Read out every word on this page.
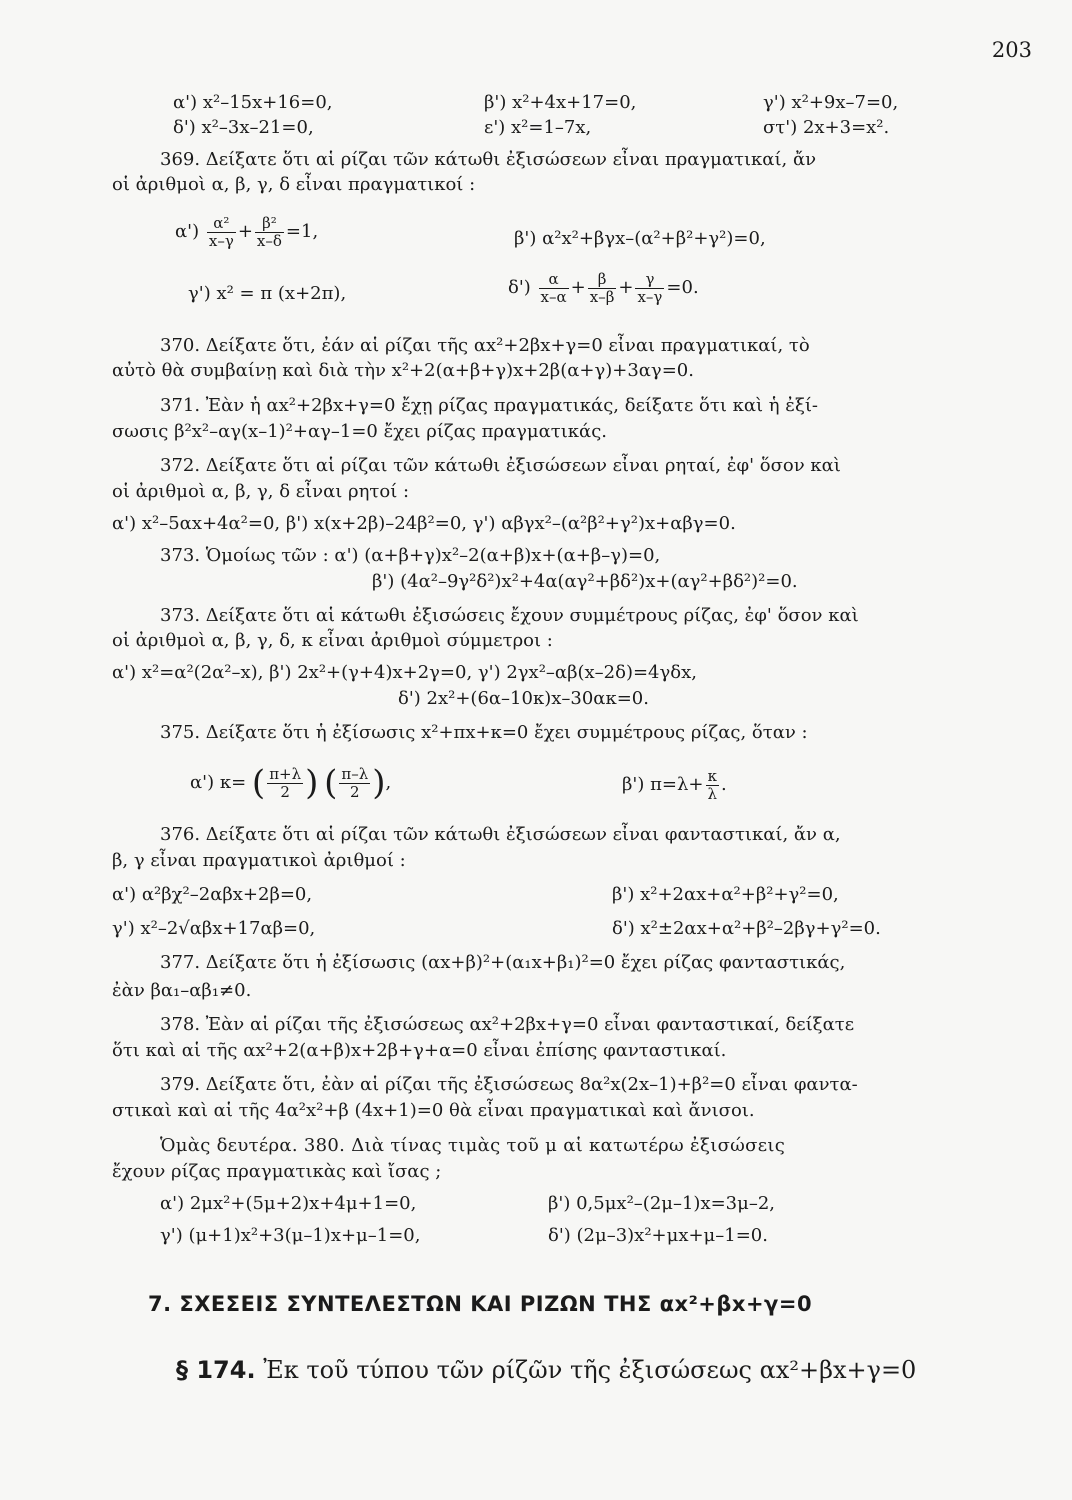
203
α') x²–15x+16=0,	β') x²+4x+17=0,	γ') x²+9x–7=0,
δ') x²–3x–21=0,	ε') x²=1–7x,	στ') 2x+3=x².
369. Δείξατε ὅτι αἱ ρίζαι τῶν κάτωθι ἐξισώσεων εἶναι πραγματικαί, ἄν
οἱ ἀριθμοὶ α, β, γ, δ εἶναι πραγματικοί :
$\alpha') \frac{\text{α²}}{x-\gamma} + \frac{\text{β²}}{x-\delta} =1$,	β') α²x²+βγx–(α²+β²+γ²)=0,
γ') x² = π (x+2π),	$\delta') \frac{\alpha}{x-\alpha} + \frac{\beta}{x-\beta} + \frac{\gamma}{x-\gamma} =0$.
370. Δείξατε ὅτι, ἐάν αἱ ρίζαι τῆς αx²+2βx+γ=0 εἶναι πραγματικαί, τὸ
αὐτὸ θὰ συμβαίνῃ καὶ διὰ τὴν x²+2(α+β+γ)x+2β(α+γ)+3αγ=0.
371. Ἐὰν ἡ αx²+2βx+γ=0 ἔχῃ ρίζας πραγματικάς, δείξατε ὅτι καὶ ἡ ἐξί-
σωσις β²x²–αγ(x–1)²+αγ–1=0 ἔχει ρίζας πραγματικάς.
372. Δείξατε ὅτι αἱ ρίζαι τῶν κάτωθι ἐξισώσεων εἶναι ρηταί, ἐφ' ὅσον καὶ
οἱ ἀριθμοὶ α, β, γ, δ εἶναι ρητοί :
α') x²–5αx+4α²=0, β') x(x+2β)–24β²=0, γ') αβγx²–(α²β²+γ²)x+αβγ=0.
373. Ὁμοίως τῶν : α') (α+β+γ)x²–2(α+β)x+(α+β–γ)=0,
β') (4α²–9γ²δ²)x²+4α(αγ²+βδ²)x+(αγ²+βδ²)²=0.
373. Δείξατε ὅτι αἱ κάτωθι ἐξισώσεις ἔχουν συμμέτρους ρίζας, ἐφ' ὅσον καὶ
οἱ ἀριθμοὶ α, β, γ, δ, κ εἶναι ἀριθμοὶ σύμμετροι :
α') x²=α²(2α²–x), β') 2x²+(γ+4)x+2γ=0, γ') 2γx²–αβ(x–2δ)=4γδx,
δ') 2x²+(6α–10κ)x–30ακ=0.
375. Δείξατε ὅτι ἡ ἐξίσωσις x²+πx+κ=0 ἔχει συμμέτρους ρίζας, ὅταν :
α') κ= ( $\frac{\pi+\lambda}{2}$ ) ( $\frac{\pi-\lambda}{2}$ ),	β') $\pi=\lambda+ \frac{\kappa}{\lambda}$ .
376. Δείξατε ὅτι αἱ ρίζαι τῶν κάτωθι ἐξισώσεων εἶναι φανταστικαί, ἄν α,
β, γ εἶναι πραγματικοὶ ἀριθμοί :
α') α²βχ²–2αβx+2β=0,	β') x²+2αx+α²+β²+γ²=0,
γ') x²–2√αβx+17αβ=0,	δ') x²±2αx+α²+β²–2βγ+γ²=0.
377. Δείξατε ὅτι ἡ ἐξίσωσις (αx+β)²+(α₁x+β₁)²=0 ἔχει ρίζας φανταστικάς,
ἐὰν βα₁–αβ₁≠0.
378. Ἐὰν αἱ ρίζαι τῆς ἐξισώσεως αx²+2βx+γ=0 εἶναι φανταστικαί, δείξατε
ὅτι καὶ αἱ τῆς αx²+2(α+β)x+2β+γ+α=0 εἶναι ἐπίσης φανταστικαί.
379. Δείξατε ὅτι, ἐὰν αἱ ρίζαι τῆς ἐξισώσεως 8α²x(2x–1)+β²=0 εἶναι φαντα-
στικαὶ καὶ αἱ τῆς 4α²x²+β (4x+1)=0 θὰ εἶναι πραγματικαὶ καὶ ἄνισοι.
Ὁμὰς δευτέρα. 380. Διὰ τίνας τιμὰς τοῦ μ αἱ κατωτέρω ἐξισώσεις
ἔχουν ρίζας πραγματικὰς καὶ ἴσας ;
α') 2μx²+(5μ+2)x+4μ+1=0,	β') 0,5μx²–(2μ–1)x=3μ–2,
γ') (μ+1)x²+3(μ–1)x+μ–1=0,	δ') (2μ–3)x²+μx+μ–1=0.
7. ΣΧΕΣΕΙΣ ΣΥΝΤΕΛΕΣΤΩΝ ΚΑΙ ΡΙΖΩΝ ΤΗΣ αx²+βx+γ=0
§ 174. Ἐκ τοῦ τύπου τῶν ρίζῶν τῆς ἐξισώσεως αx²+βx+γ=0
